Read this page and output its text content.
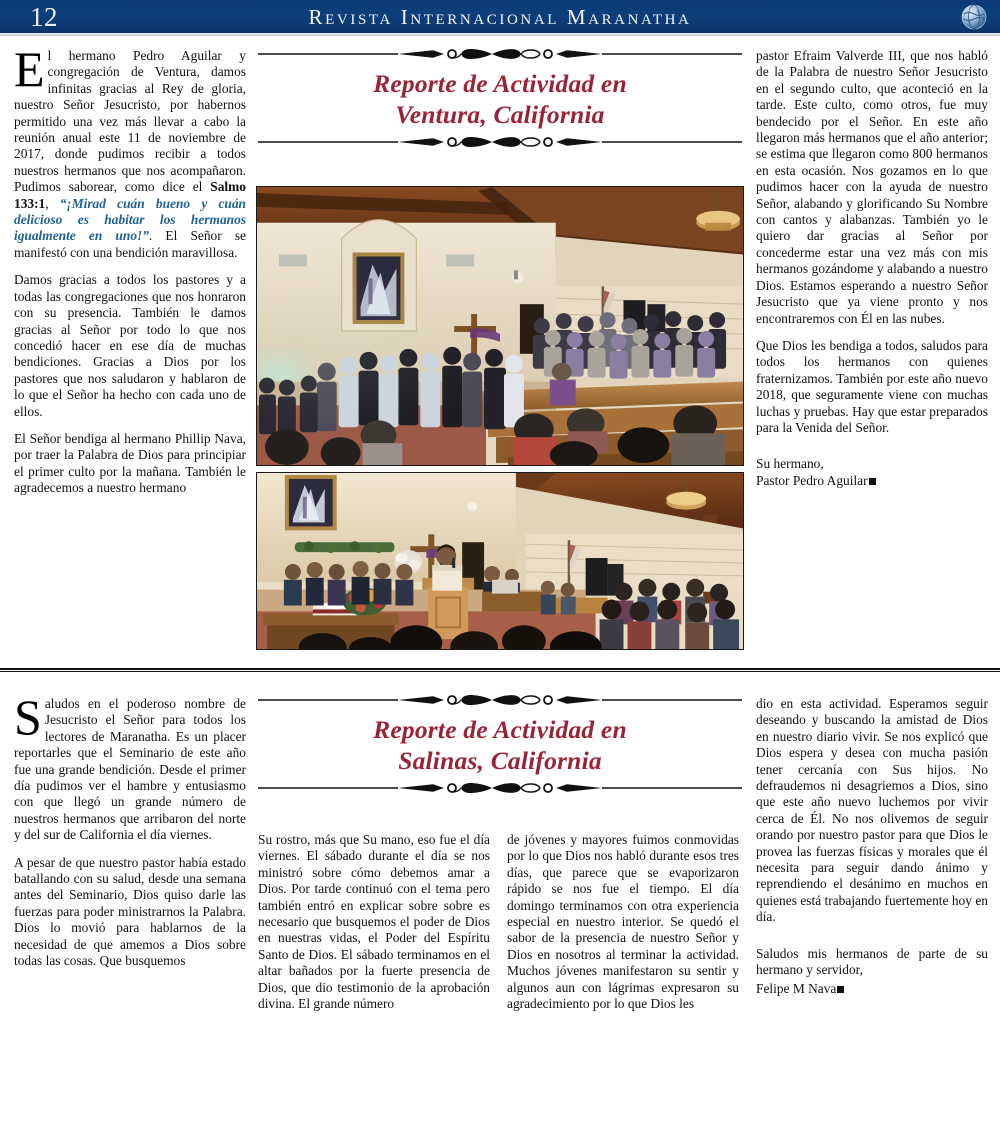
12	Revista Internacional Maranatha

El hermano Pedro Aguilar y congregación de Ventura, damos infinitas gracias al Rey de gloria, nuestro Señor Jesucristo, por habernos permitido una vez más llevar a cabo la reunión anual este 11 de noviembre de 2017, donde pudimos recibir a todos nuestros hermanos que nos acompañaron. Pudimos saborear, como dice el Salmo 133:1, “¡Mirad cuán bueno y cuán delicioso es habitar los hermanos igualmente en uno!”. El Señor se manifestó con una bendición maravillosa.

Damos gracias a todos los pastores y a todas las congregaciones que nos honraron con su presencia. También le damos gracias al Señor por todo lo que nos concedió hacer en ese día de muchas bendiciones. Gracias a Dios por los pastores que nos saludaron y hablaron de lo que el Señor ha hecho con cada uno de ellos.

El Señor bendiga al hermano Phillip Nava, por traer la Palabra de Dios para principiar el primer culto por la mañana. También le agradecemos a nuestro hermano

Reporte de Actividad en
Ventura, California

pastor Efraim Valverde III, que nos habló de la Palabra de nuestro Señor Jesucristo en el segundo culto, que aconteció en la tarde. Este culto, como otros, fue muy bendecido por el Señor. En este año llegaron más hermanos que el año anterior; se estima que llegaron como 800 hermanos en esta ocasión. Nos gozamos en lo que pudimos hacer con la ayuda de nuestro Señor, alabando y glorificando Su Nombre con cantos y alabanzas. También yo le quiero dar gracias al Señor por concederme estar una vez más con mis hermanos gozándome y alabando a nuestro Dios. Estamos esperando a nuestro Señor Jesucristo que ya viene pronto y nos encontraremos con Él en las nubes.

Que Dios les bendiga a todos, saludos para todos los hermanos con quienes fraternizamos. También por este año nuevo 2018, que seguramente viene con muchas luchas y pruebas. Hay que estar preparados para la Venida del Señor.

Su hermano,
Pastor Pedro Aguilar

Saludos en el poderoso nombre de Jesucristo el Señor para todos los lectores de Maranatha. Es un placer reportarles que el Seminario de este año fue una grande bendición. Desde el primer día pudimos ver el hambre y entusiasmo con que llegó un grande número de nuestros hermanos que arribaron del norte y del sur de California el día viernes.

A pesar de que nuestro pastor había estado batallando con su salud, desde una semana antes del Seminario, Dios quiso darle las fuerzas para poder ministrarnos la Palabra. Dios lo movió para hablarnos de la necesidad de que amemos a Dios sobre todas las cosas. Que busquemos

Reporte de Actividad en
Salinas, California

Su rostro, más que Su mano, eso fue el día viernes. El sábado durante el día se nos ministró sobre cómo debemos amar a Dios. Por tarde continuó con el tema pero también entró en explicar sobre sobre es necesario que busquemos el poder de Dios en nuestras vidas, el Poder del Espíritu Santo de Dios. El sábado terminamos en el altar bañados por la fuerte presencia de Dios, que dio testimonio de la aprobación divina. El grande número

de jóvenes y mayores fuimos conmovidas por lo que Dios nos habló durante esos tres días, que parece que se evaporizaron rápido se nos fue el tiempo. El día domingo terminamos con otra experiencia especial en nuestro interior. Se quedó el sabor de la presencia de nuestro Señor y Dios en nosotros al terminar la actividad. Muchos jóvenes manifestaron su sentir y algunos aun con lágrimas expresaron su agradecimiento por lo que Dios les

dio en esta actividad. Esperamos seguir deseando y buscando la amistad de Dios en nuestro diario vivir. Se nos explicó que Dios espera y desea con mucha pasión tener cercanía con Sus hijos. No defraudemos ni desagriemos a Dios, sino que este año nuevo luchemos por vivir cerca de Él. No nos olivemos de seguir orando por nuestro pastor para que Dios le provea las fuerzas físicas y morales que él necesita para seguir dando ánimo y reprendiendo el desánimo en muchos en quienes está trabajando fuertemente hoy en día.

Saludos mis hermanos de parte de su hermano y servidor,

Felipe M Nava
